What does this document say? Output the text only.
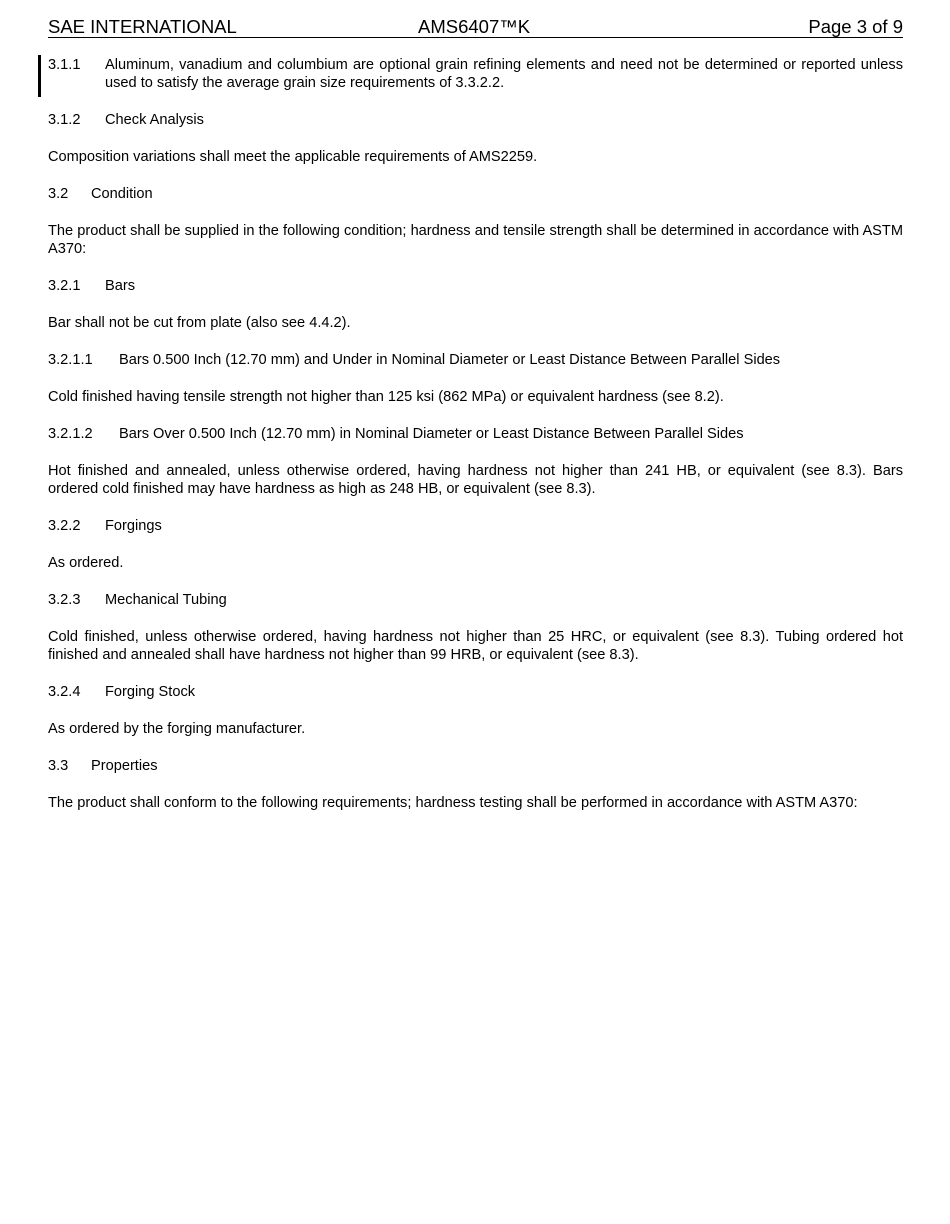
SAE INTERNATIONAL	AMS6407™K	Page 3 of 9
3.1.1	Aluminum, vanadium and columbium are optional grain refining elements and need not be determined or reported unless used to satisfy the average grain size requirements of 3.3.2.2.
3.1.2	Check Analysis
Composition variations shall meet the applicable requirements of AMS2259.
3.2	Condition
The product shall be supplied in the following condition; hardness and tensile strength shall be determined in accordance with ASTM A370:
3.2.1	Bars
Bar shall not be cut from plate (also see 4.4.2).
3.2.1.1	Bars 0.500 Inch (12.70 mm) and Under in Nominal Diameter or Least Distance Between Parallel Sides
Cold finished having tensile strength not higher than 125 ksi (862 MPa) or equivalent hardness (see 8.2).
3.2.1.2	Bars Over 0.500 Inch (12.70 mm) in Nominal Diameter or Least Distance Between Parallel Sides
Hot finished and annealed, unless otherwise ordered, having hardness not higher than 241 HB, or equivalent (see 8.3). Bars ordered cold finished may have hardness as high as 248 HB, or equivalent (see 8.3).
3.2.2	Forgings
As ordered.
3.2.3	Mechanical Tubing
Cold finished, unless otherwise ordered, having hardness not higher than 25 HRC, or equivalent (see 8.3). Tubing ordered hot finished and annealed shall have hardness not higher than 99 HRB, or equivalent (see 8.3).
3.2.4	Forging Stock
As ordered by the forging manufacturer.
3.3	Properties
The product shall conform to the following requirements; hardness testing shall be performed in accordance with ASTM A370:
